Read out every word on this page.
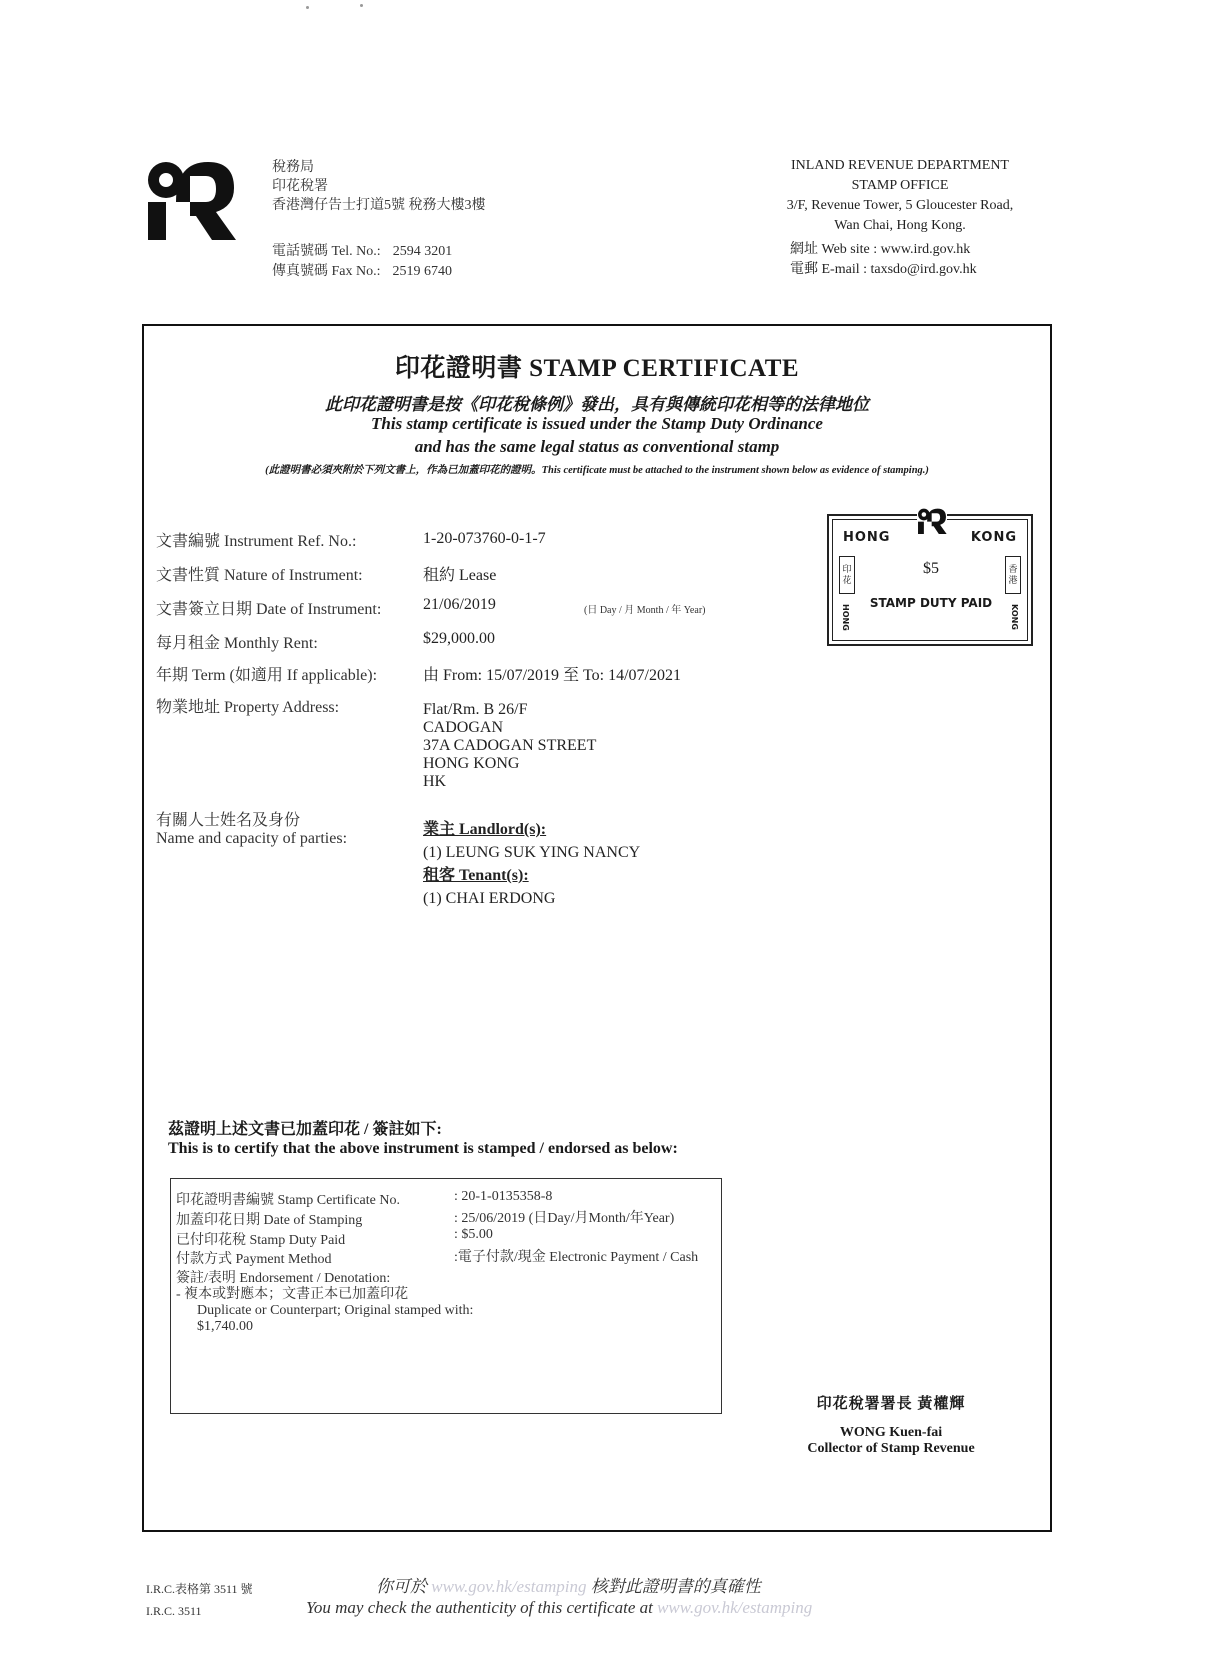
稅務局
印花稅署
香港灣仔告士打道5號 稅務大樓3樓
電話號碼 Tel. No.: 2594 3201
傳真號碼 Fax No.: 2519 6740
INLAND REVENUE DEPARTMENT
STAMP OFFICE
3/F, Revenue Tower, 5 Gloucester Road,
Wan Chai, Hong Kong.
網址 Web site : www.ird.gov.hk
電郵 E-mail : taxsdo@ird.gov.hk
印花證明書 STAMP CERTIFICATE
此印花證明書是按《印花稅條例》發出，具有與傳統印花相等的法律地位
This stamp certificate is issued under the Stamp Duty Ordinance
and has the same legal status as conventional stamp
(此證明書必須夾附於下列文書上，作為已加蓋印花的證明。This certificate must be attached to the instrument shown below as evidence of stamping.)
文書編號 Instrument Ref. No.:	1-20-073760-0-1-7
文書性質 Nature of Instrument:	租約 Lease
文書簽立日期 Date of Instrument:	21/06/2019	(日 Day / 月 Month / 年 Year)
每月租金 Monthly Rent:	$29,000.00
年期 Term (如適用 If applicable):	由 From: 15/07/2019 至 To: 14/07/2021
物業地址 Property Address:	Flat/Rm. B 26/F
CADOGAN
37A CADOGAN STREET
HONG KONG
HK
有關人士姓名及身份
Name and capacity of parties:
業主 Landlord(s):
(1) LEUNG SUK YING NANCY
租客 Tenant(s):
(1) CHAI ERDONG
HONG	KONG
印花
香港
$5
STAMP DUTY PAID
HONG	KONG
茲證明上述文書已加蓋印花 / 簽註如下:
This is to certify that the above instrument is stamped / endorsed as below:
印花證明書編號 Stamp Certificate No.	: 20-1-0135358-8
加蓋印花日期 Date of Stamping	: 25/06/2019 (日Day/月Month/年Year)
已付印花稅 Stamp Duty Paid	: $5.00
付款方式 Payment Method	:電子付款/現金 Electronic Payment / Cash
簽註/表明 Endorsement / Denotation:
- 複本或對應本；文書正本已加蓋印花
Duplicate or Counterpart; Original stamped with:
$1,740.00
印花稅署署長 黃權輝
WONG Kuen-fai
Collector of Stamp Revenue
I.R.C.表格第 3511 號
I.R.C. 3511
你可於 www.gov.hk/estamping 核對此證明書的真確性
You may check the authenticity of this certificate at www.gov.hk/estamping
